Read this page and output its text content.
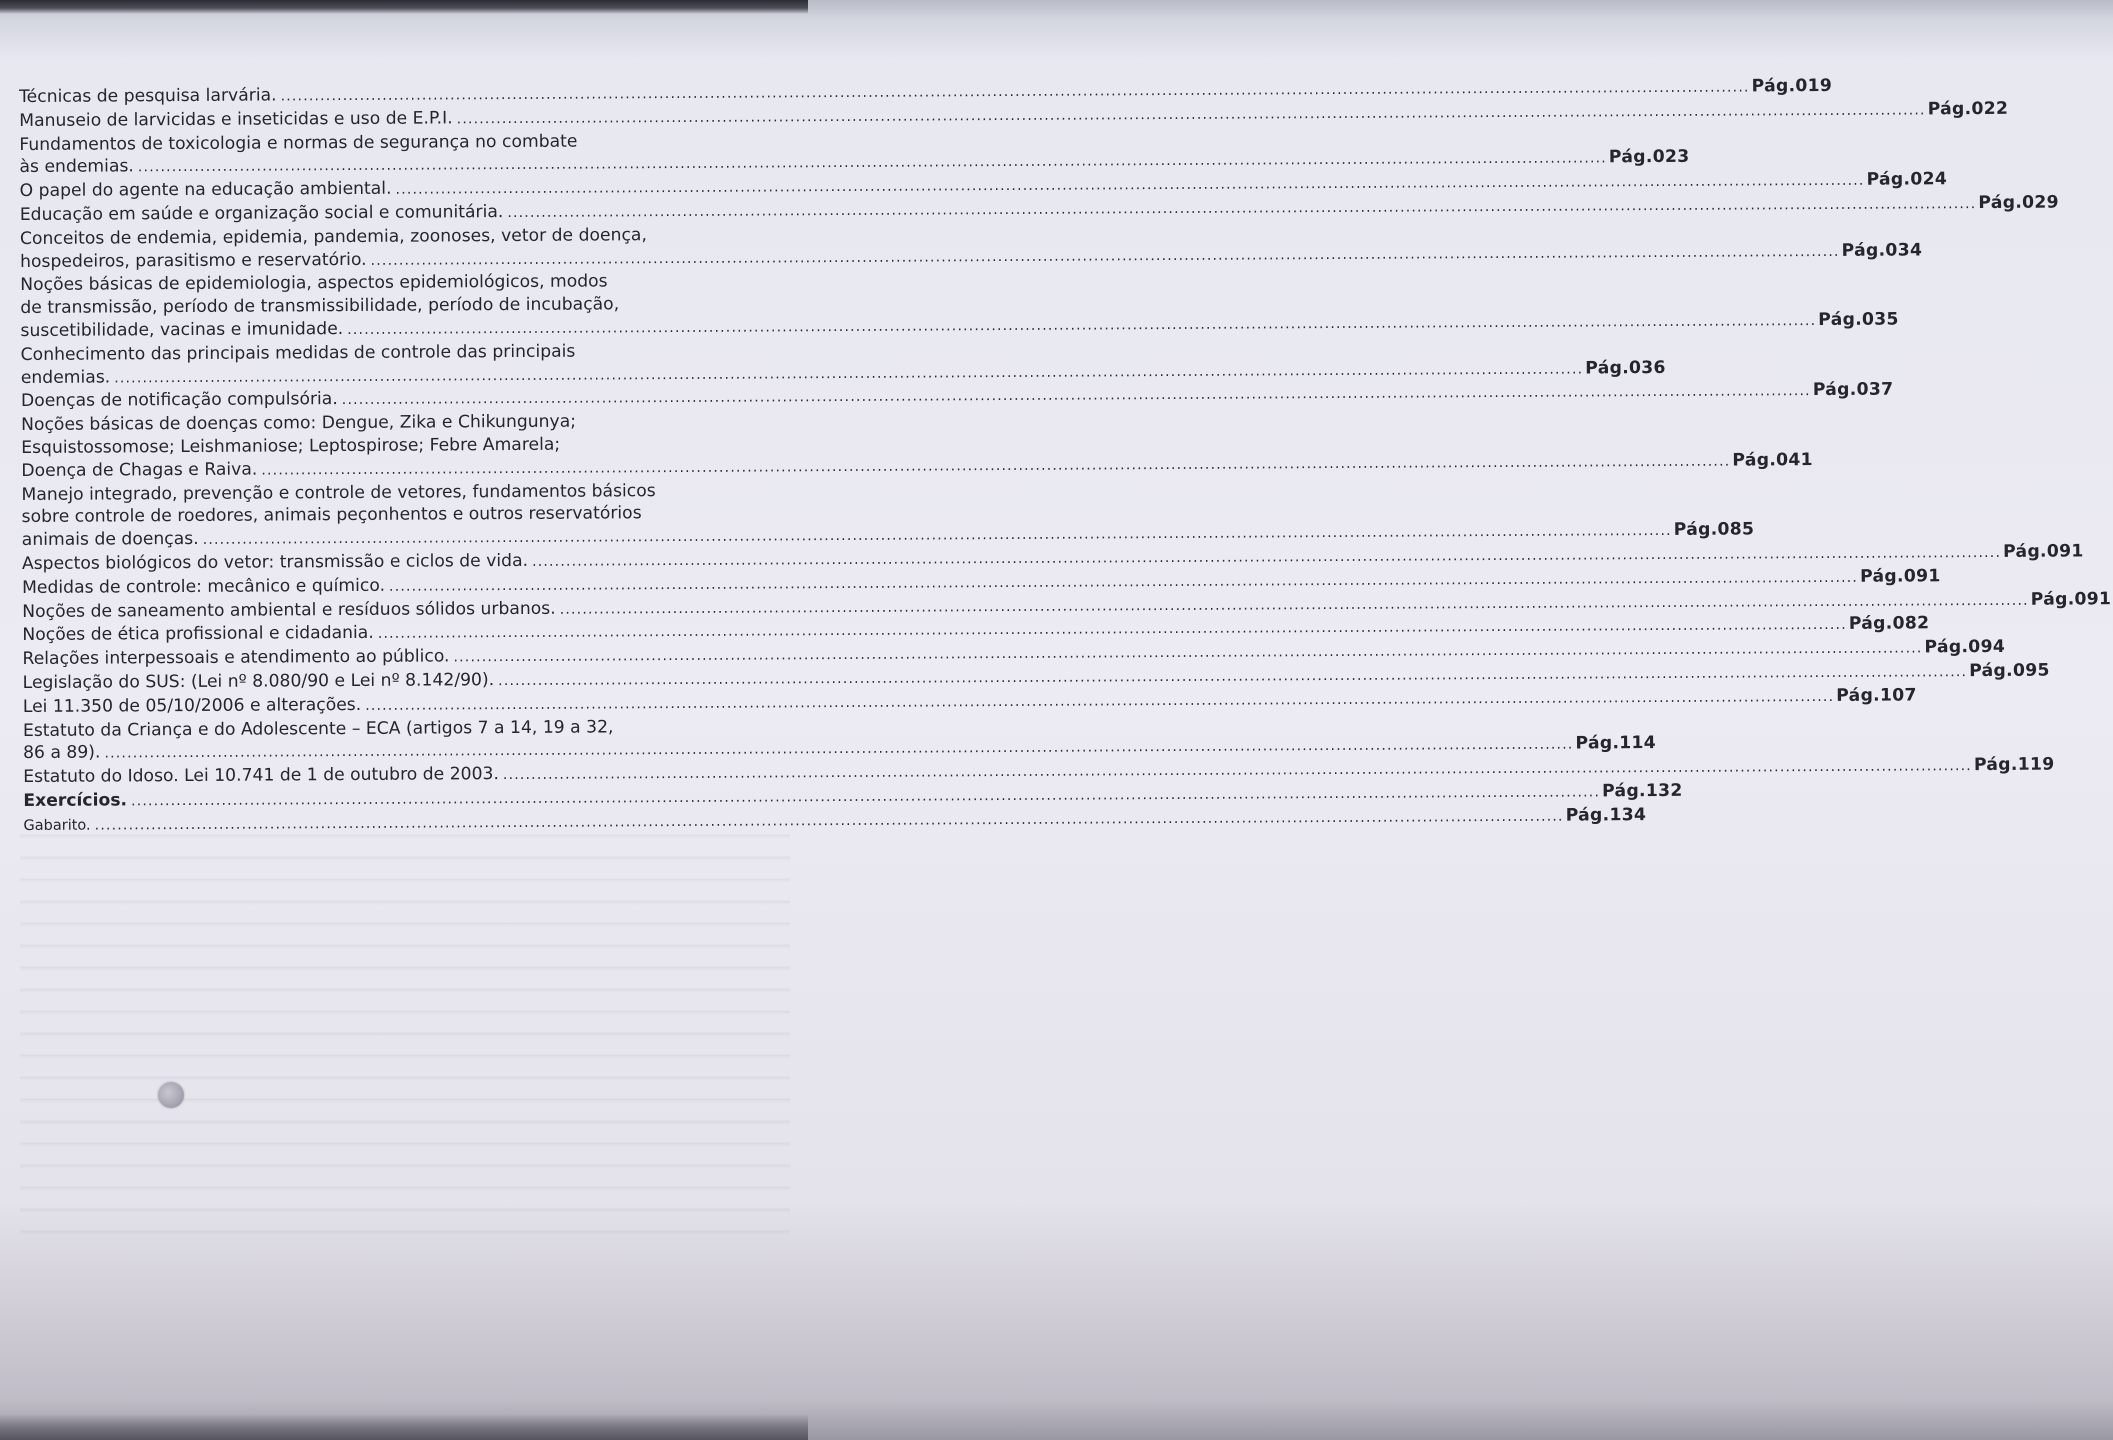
Técnicas de pesquisa larvária. .................................................................................................................................................................................................................................................................... Pág.019
Manuseio de larvicidas e inseticidas e uso de E.P.I. .................................................................................................................................................................................................................................................................... Pág.022
Fundamentos de toxicologia e normas de segurança no combate
às endemias. .................................................................................................................................................................................................................................................................... Pág.023
O papel do agente na educação ambiental. .................................................................................................................................................................................................................................................................... Pág.024
Educação em saúde e organização social e comunitária. .................................................................................................................................................................................................................................................................... Pág.029
Conceitos de endemia, epidemia, pandemia, zoonoses, vetor de doença,
hospedeiros, parasitismo e reservatório. .................................................................................................................................................................................................................................................................... Pág.034
Noções básicas de epidemiologia, aspectos epidemiológicos, modos
de transmissão, período de transmissibilidade, período de incubação,
suscetibilidade, vacinas e imunidade. .................................................................................................................................................................................................................................................................... Pág.035
Conhecimento das principais medidas de controle das principais
endemias. .................................................................................................................................................................................................................................................................... Pág.036
Doenças de notificação compulsória. .................................................................................................................................................................................................................................................................... Pág.037
Noções básicas de doenças como: Dengue, Zika e Chikungunya;
Esquistossomose; Leishmaniose; Leptospirose; Febre Amarela;
Doença de Chagas e Raiva. .................................................................................................................................................................................................................................................................... Pág.041
Manejo integrado, prevenção e controle de vetores, fundamentos básicos
sobre controle de roedores, animais peçonhentos e outros reservatórios
animais de doenças. .................................................................................................................................................................................................................................................................... Pág.085
Aspectos biológicos do vetor: transmissão e ciclos de vida. .................................................................................................................................................................................................................................................................... Pág.091
Medidas de controle: mecânico e químico. .................................................................................................................................................................................................................................................................... Pág.091
Noções de saneamento ambiental e resíduos sólidos urbanos. .................................................................................................................................................................................................................................................................... Pág.091
Noções de ética profissional e cidadania. .................................................................................................................................................................................................................................................................... Pág.082
Relações interpessoais e atendimento ao público. .................................................................................................................................................................................................................................................................... Pág.094
Legislação do SUS: (Lei nº 8.080/90 e Lei nº 8.142/90). .................................................................................................................................................................................................................................................................... Pág.095
Lei 11.350 de 05/10/2006 e alterações. .................................................................................................................................................................................................................................................................... Pág.107
Estatuto da Criança e do Adolescente – ECA (artigos 7 a 14, 19 a 32,
86 a 89). .................................................................................................................................................................................................................................................................... Pág.114
Estatuto do Idoso. Lei 10.741 de 1 de outubro de 2003. .................................................................................................................................................................................................................................................................... Pág.119
Exercícios. .................................................................................................................................................................................................................................................................... Pág.132
Gabarito. .................................................................................................................................................................................................................................................................... Pág.134
